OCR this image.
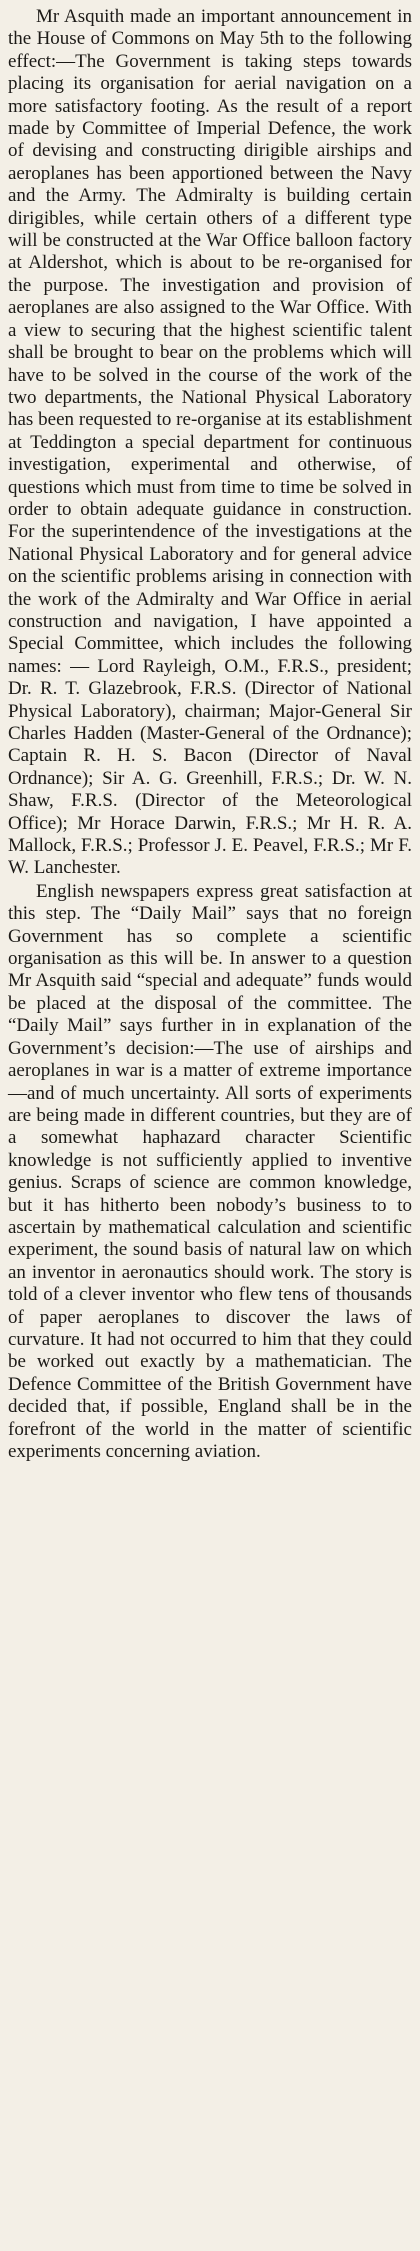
Mr Asquith made an important announcement in the House of Commons on May 5th to the following effect:—The Government is taking steps towards placing its organisation for aerial navigation on a more satisfactory footing. As the result of a report made by Committee of Imperial Defence, the work of devising and constructing dirigible airships and aeroplanes has been apportioned between the Navy and the Army. The Admiralty is building certain dirigibles, while certain others of a different type will be constructed at the War Office balloon factory at Aldershot, which is about to be re-organised for the purpose. The investigation and provision of aeroplanes are also assigned to the War Office. With a view to securing that the highest scientific talent shall be brought to bear on the problems which will have to be solved in the course of the work of the two departments, the National Physical Laboratory has been requested to re-organise at its establishment at Teddington a special department for continuous investigation, experimental and otherwise, of questions which must from time to time be solved in order to obtain adequate guidance in construction. For the superintendence of the investigations at the National Physical Laboratory and for general advice on the scientific problems arising in connection with the work of the Admiralty and War Office in aerial construction and navigation, I have appointed a Special Committee, which includes the following names: — Lord Rayleigh, O.M., F.R.S., president; Dr. R. T. Glazebrook, F.R.S. (Director of National Physical Laboratory), chairman; Major-General Sir Charles Hadden (Master-General of the Ordnance); Captain R. H. S. Bacon (Director of Naval Ordnance); Sir A. G. Greenhill, F.R.S.; Dr. W. N. Shaw, F.R.S. (Director of the Meteorological Office); Mr Horace Darwin, F.R.S.; Mr H. R. A. Mallock, F.R.S.; Professor J. E. Peavel, F.R.S.; Mr F. W. Lanchester.

English newspapers express great satisfaction at this step. The “Daily Mail” says that no foreign Government has so complete a scientific organisation as this will be. In answer to a question Mr Asquith said “special and adequate” funds would be placed at the disposal of the committee. The “Daily Mail” says further in in explanation of the Government’s decision:—The use of airships and aeroplanes in war is a matter of extreme importance—and of much uncertainty. All sorts of experiments are being made in different countries, but they are of a somewhat haphazard character Scientific knowledge is not sufficiently applied to inventive genius. Scraps of science are common knowledge, but it has hitherto been nobody’s business to to ascertain by mathematical calculation and scientific experiment, the sound basis of natural law on which an inventor in aeronautics should work. The story is told of a clever inventor who flew tens of thousands of paper aeroplanes to discover the laws of curvature. It had not occurred to him that they could be worked out exactly by a mathematician. The Defence Committee of the British Government have decided that, if possible, England shall be in the forefront of the world in the matter of scientific experiments concerning aviation.
